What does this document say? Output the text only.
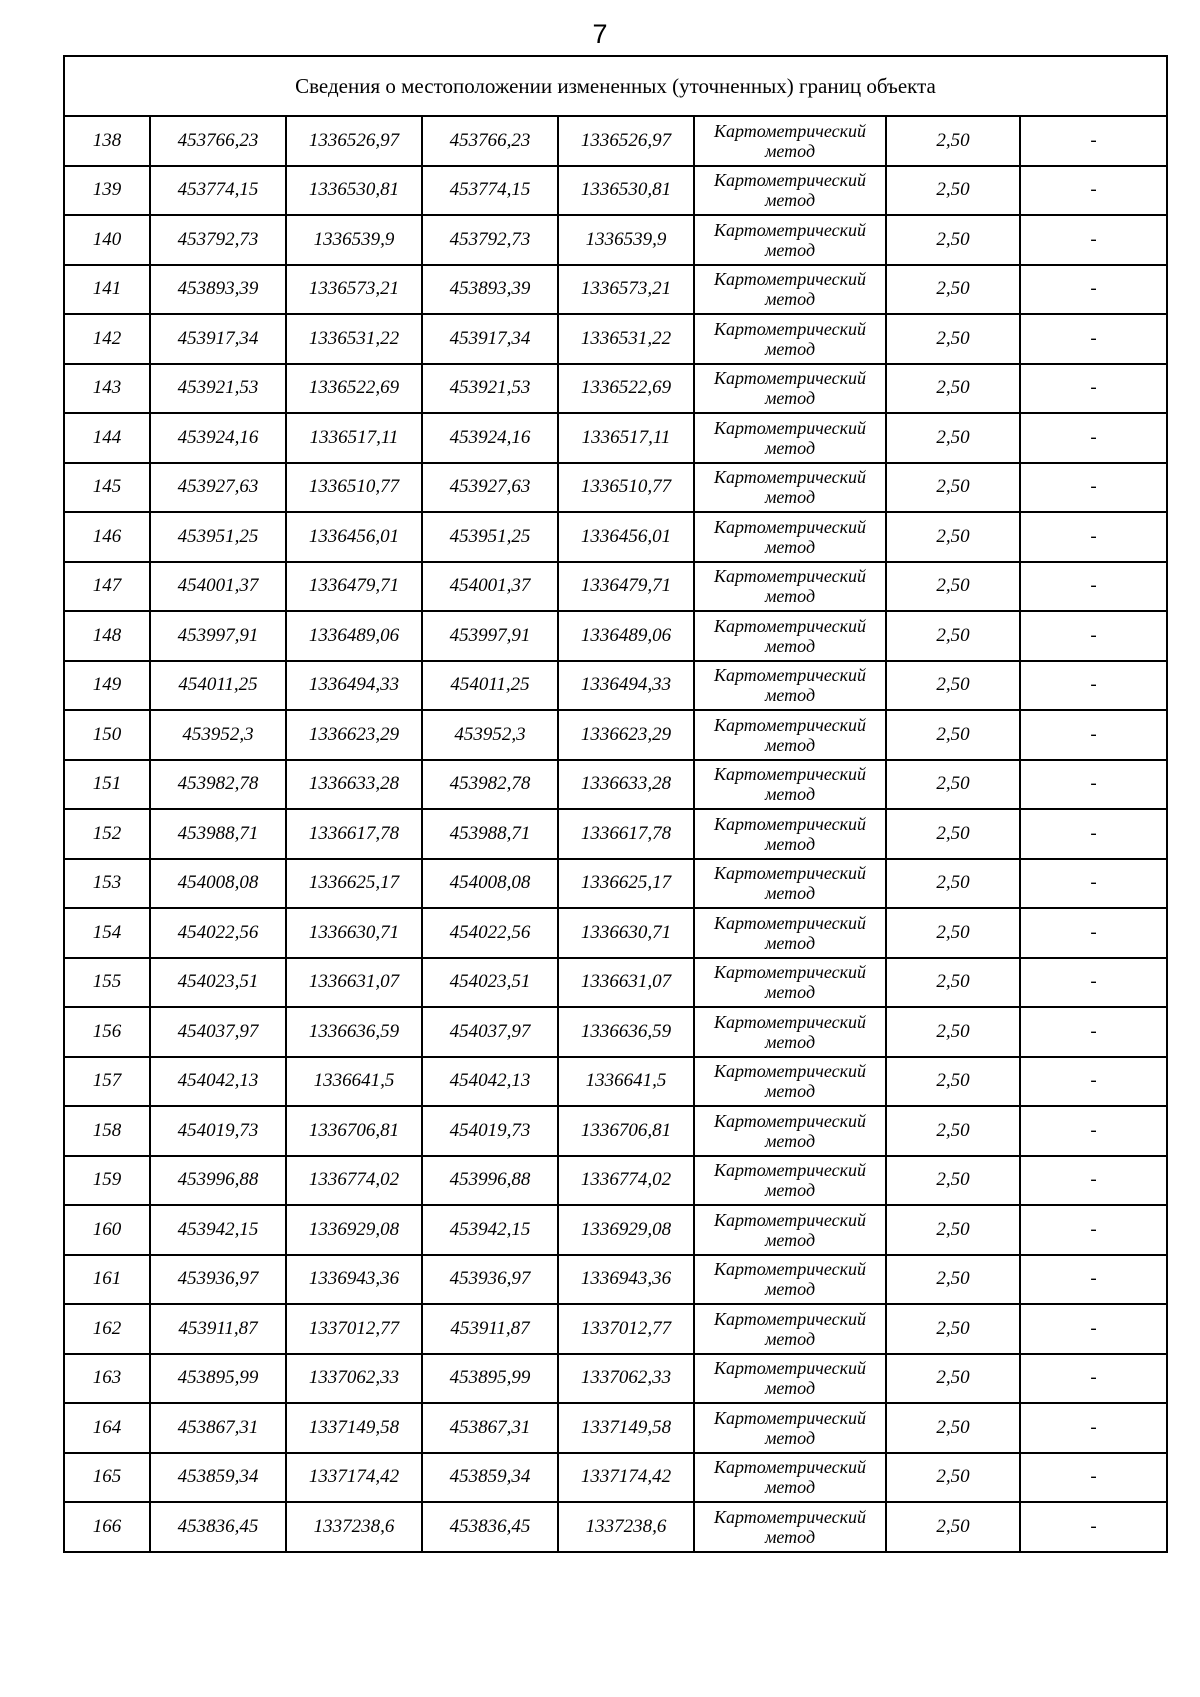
7
Сведения о местоположении измененных (уточненных) границ объекта							
138	453766,23	1336526,97	453766,23	1336526,97	Картометрический
метод	2,50	-
139	453774,15	1336530,81	453774,15	1336530,81	Картометрический
метод	2,50	-
140	453792,73	1336539,9	453792,73	1336539,9	Картометрический
метод	2,50	-
141	453893,39	1336573,21	453893,39	1336573,21	Картометрический
метод	2,50	-
142	453917,34	1336531,22	453917,34	1336531,22	Картометрический
метод	2,50	-
143	453921,53	1336522,69	453921,53	1336522,69	Картометрический
метод	2,50	-
144	453924,16	1336517,11	453924,16	1336517,11	Картометрический
метод	2,50	-
145	453927,63	1336510,77	453927,63	1336510,77	Картометрический
метод	2,50	-
146	453951,25	1336456,01	453951,25	1336456,01	Картометрический
метод	2,50	-
147	454001,37	1336479,71	454001,37	1336479,71	Картометрический
метод	2,50	-
148	453997,91	1336489,06	453997,91	1336489,06	Картометрический
метод	2,50	-
149	454011,25	1336494,33	454011,25	1336494,33	Картометрический
метод	2,50	-
150	453952,3	1336623,29	453952,3	1336623,29	Картометрический
метод	2,50	-
151	453982,78	1336633,28	453982,78	1336633,28	Картометрический
метод	2,50	-
152	453988,71	1336617,78	453988,71	1336617,78	Картометрический
метод	2,50	-
153	454008,08	1336625,17	454008,08	1336625,17	Картометрический
метод	2,50	-
154	454022,56	1336630,71	454022,56	1336630,71	Картометрический
метод	2,50	-
155	454023,51	1336631,07	454023,51	1336631,07	Картометрический
метод	2,50	-
156	454037,97	1336636,59	454037,97	1336636,59	Картометрический
метод	2,50	-
157	454042,13	1336641,5	454042,13	1336641,5	Картометрический
метод	2,50	-
158	454019,73	1336706,81	454019,73	1336706,81	Картометрический
метод	2,50	-
159	453996,88	1336774,02	453996,88	1336774,02	Картометрический
метод	2,50	-
160	453942,15	1336929,08	453942,15	1336929,08	Картометрический
метод	2,50	-
161	453936,97	1336943,36	453936,97	1336943,36	Картометрический
метод	2,50	-
162	453911,87	1337012,77	453911,87	1337012,77	Картометрический
метод	2,50	-
163	453895,99	1337062,33	453895,99	1337062,33	Картометрический
метод	2,50	-
164	453867,31	1337149,58	453867,31	1337149,58	Картометрический
метод	2,50	-
165	453859,34	1337174,42	453859,34	1337174,42	Картометрический
метод	2,50	-
166	453836,45	1337238,6	453836,45	1337238,6	Картометрический
метод	2,50	-
